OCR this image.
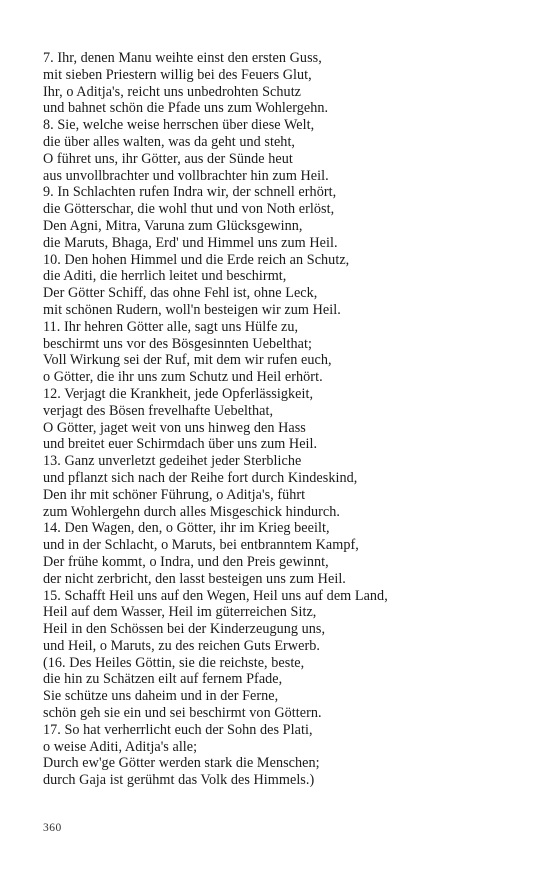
7. Ihr, denen Manu weihte einst den ersten Guss,
mit sieben Priestern willig bei des Feuers Glut,
Ihr, o Aditja's, reicht uns unbedrohten Schutz
und bahnet schön die Pfade uns zum Wohlergehn.
8. Sie, welche weise herrschen über diese Welt,
die über alles walten, was da geht und steht,
O führet uns, ihr Götter, aus der Sünde heut
aus unvollbrachter und vollbrachter hin zum Heil.
9. In Schlachten rufen Indra wir, der schnell erhört,
die Götterschar, die wohl thut und von Noth erlöst,
Den Agni, Mitra, Varuna zum Glücksgewinn,
die Maruts, Bhaga, Erd' und Himmel uns zum Heil.
10. Den hohen Himmel und die Erde reich an Schutz,
die Aditi, die herrlich leitet und beschirmt,
Der Götter Schiff, das ohne Fehl ist, ohne Leck,
mit schönen Rudern, woll'n besteigen wir zum Heil.
11. Ihr hehren Götter alle, sagt uns Hülfe zu,
beschirmt uns vor des Bösgesinnten Uebelthat;
Voll Wirkung sei der Ruf, mit dem wir rufen euch,
o Götter, die ihr uns zum Schutz und Heil erhört.
12. Verjagt die Krankheit, jede Opferlässigkeit,
verjagt des Bösen frevelhafte Uebelthat,
O Götter, jaget weit von uns hinweg den Hass
und breitet euer Schirmdach über uns zum Heil.
13. Ganz unverletzt gedeihet jeder Sterbliche
und pflanzt sich nach der Reihe fort durch Kindeskind,
Den ihr mit schöner Führung, o Aditja's, führt
zum Wohlergehn durch alles Misgeschick hindurch.
14. Den Wagen, den, o Götter, ihr im Krieg beeilt,
und in der Schlacht, o Maruts, bei entbranntem Kampf,
Der frühe kommt, o Indra, und den Preis gewinnt,
der nicht zerbricht, den lasst besteigen uns zum Heil.
15. Schafft Heil uns auf den Wegen, Heil uns auf dem Land,
Heil auf dem Wasser, Heil im güterreichen Sitz,
Heil in den Schössen bei der Kinderzeugung uns,
und Heil, o Maruts, zu des reichen Guts Erwerb.
(16. Des Heiles Göttin, sie die reichste, beste,
die hin zu Schätzen eilt auf fernem Pfade,
Sie schütze uns daheim und in der Ferne,
schön geh sie ein und sei beschirmt von Göttern.
17. So hat verherrlicht euch der Sohn des Plati,
o weise Aditi, Aditja's alle;
Durch ew'ge Götter werden stark die Menschen;
durch Gaja ist gerühmt das Volk des Himmels.)
360
